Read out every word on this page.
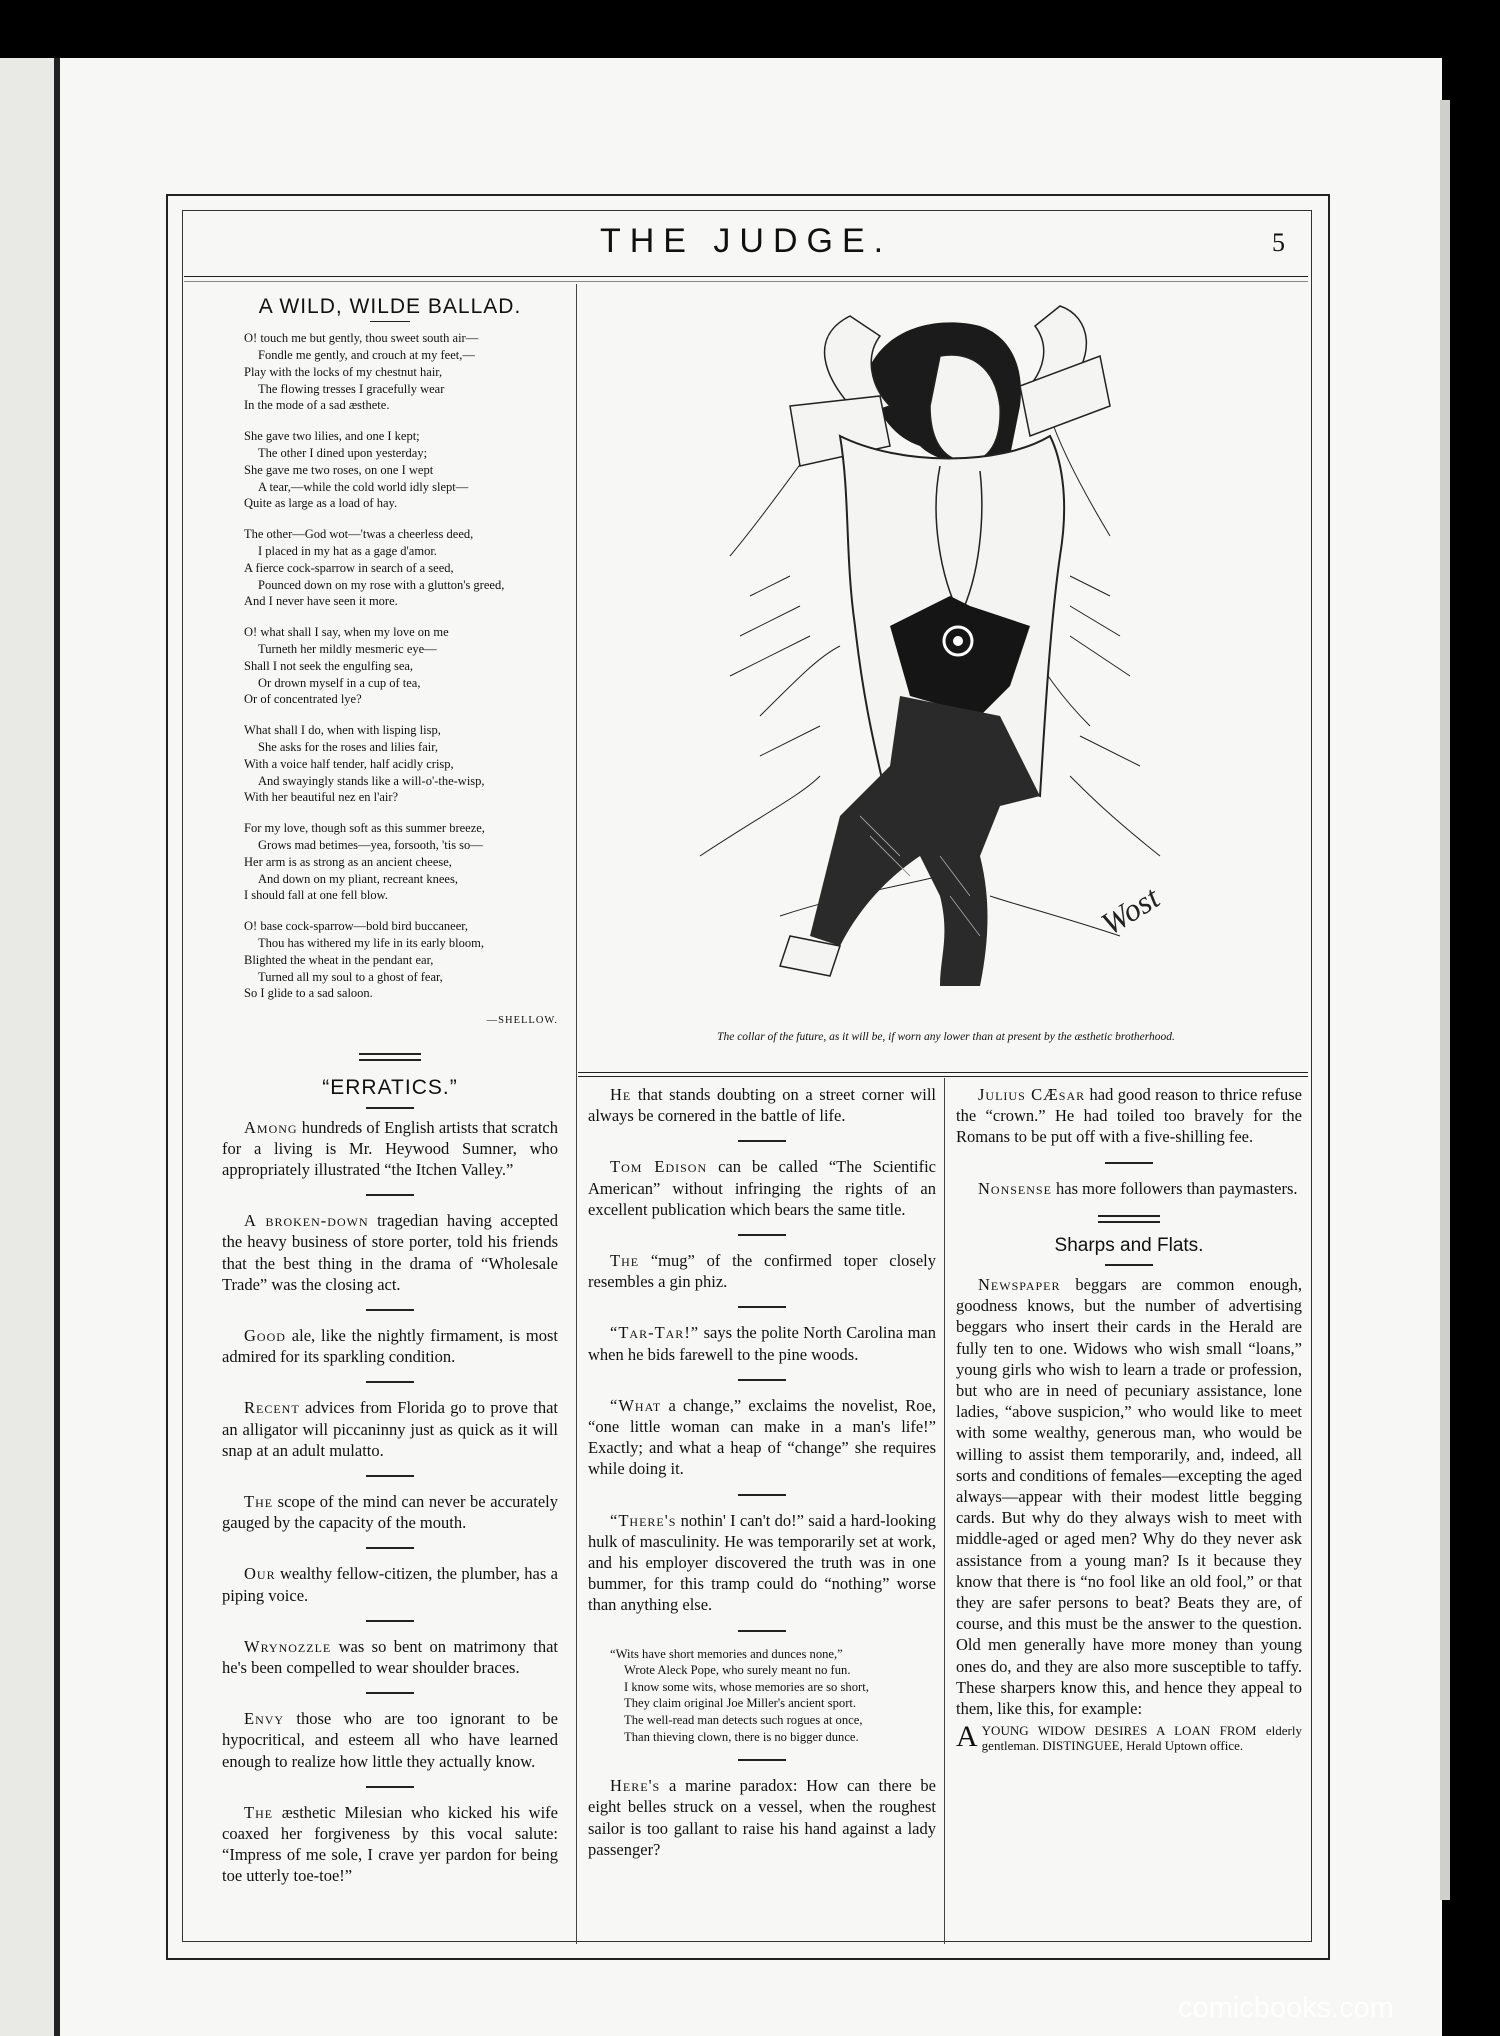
THE JUDGE.	5
A WILD, WILDE BALLAD.
O! touch me but gently, thou sweet south air—
Fondle me gently, and crouch at my feet,—
Play with the locks of my chestnut hair,
The flowing tresses I gracefully wear
In the mode of a sad æsthete.
She gave two lilies, and one I kept;
The other I dined upon yesterday;
She gave me two roses, on one I wept
A tear,—while the cold world idly slept—
Quite as large as a load of hay.
The other—God wot—'twas a cheerless deed,
I placed in my hat as a gage d'amor.
A fierce cock-sparrow in search of a seed,
Pounced down on my rose with a glutton's greed,
And I never have seen it more.
O! what shall I say, when my love on me
Turneth her mildly mesmeric eye—
Shall I not seek the engulfing sea,
Or drown myself in a cup of tea,
Or of concentrated lye?
What shall I do, when with lisping lisp,
She asks for the roses and lilies fair,
With a voice half tender, half acidly crisp,
And swayingly stands like a will-o'-the-wisp,
With her beautiful nez en l'air?
For my love, though soft as this summer breeze,
Grows mad betimes—yea, forsooth, 'tis so—
Her arm is as strong as an ancient cheese,
And down on my pliant, recreant knees,
I should fall at one fell blow.
O! base cock-sparrow—bold bird buccaneer,
Thou has withered my life in its early bloom,
Blighted the wheat in the pendant ear,
Turned all my soul to a ghost of fear,
So I glide to a sad saloon.
—SHELLOW.
“ERRATICS.”

Among hundreds of English artists that scratch for a living is Mr. Heywood Sumner, who appropriately illustrated “the Itchen Valley.”

A broken-down tragedian having accepted the heavy business of store porter, told his friends that the best thing in the drama of “Wholesale Trade” was the closing act.

Good ale, like the nightly firmament, is most admired for its sparkling condition.

Recent advices from Florida go to prove that an alligator will piccaninny just as quick as it will snap at an adult mulatto.

The scope of the mind can never be accurately gauged by the capacity of the mouth.

Our wealthy fellow-citizen, the plumber, has a piping voice.

Wrynozzle was so bent on matrimony that he's been compelled to wear shoulder braces.

Envy those who are too ignorant to be hypocritical, and esteem all who have learned enough to realize how little they actually know.

The æsthetic Milesian who kicked his wife coaxed her forgiveness by this vocal salute: “Impress of me sole, I crave yer pardon for being toe utterly toe-toe!”

Wost
The collar of the future, as it will be, if worn any lower than at present by the æsthetic brotherhood.

He that stands doubting on a street corner will always be cornered in the battle of life.

Tom Edison can be called “The Scientific American” without infringing the rights of an excellent publication which bears the same title.

The “mug” of the confirmed toper closely resembles a gin phiz.

“Tar-Tar!” says the polite North Carolina man when he bids farewell to the pine woods.

“What a change,” exclaims the novelist, Roe, “one little woman can make in a man's life!” Exactly; and what a heap of “change” she requires while doing it.

“There's nothin' I can't do!” said a hard-looking hulk of masculinity. He was temporarily set at work, and his employer discovered the truth was in one bummer, for this tramp could do “nothing” worse than anything else.

“Wits have short memories and dunces none,”
Wrote Aleck Pope, who surely meant no fun.
I know some wits, whose memories are so short,
They claim original Joe Miller's ancient sport.
The well-read man detects such rogues at once,
Than thieving clown, there is no bigger dunce.

Here's a marine paradox: How can there be eight belles struck on a vessel, when the roughest sailor is too gallant to raise his hand against a lady passenger?

Julius CÆsar had good reason to thrice refuse the “crown.” He had toiled too bravely for the Romans to be put off with a five-shilling fee.

Nonsense has more followers than paymasters.

Sharps and Flats.

Newspaper beggars are common enough, goodness knows, but the number of advertising beggars who insert their cards in the Herald are fully ten to one. Widows who wish small “loans,” young girls who wish to learn a trade or profession, but who are in need of pecuniary assistance, lone ladies, “above suspicion,” who would like to meet with some wealthy, generous man, who would be willing to assist them temporarily, and, indeed, all sorts and conditions of females—excepting the aged always—appear with their modest little begging cards. But why do they always wish to meet with middle-aged or aged men? Why do they never ask assistance from a young man? Is it because they know that there is “no fool like an old fool,” or that they are safer persons to beat? Beats they are, of course, and this must be the answer to the question. Old men generally have more money than young ones do, and they are also more susceptible to taffy. These sharpers know this, and hence they appeal to them, like this, for example:

A YOUNG WIDOW DESIRES A LOAN FROM elderly gentleman. DISTINGUEE, Herald Uptown office.
comicbooks.com
